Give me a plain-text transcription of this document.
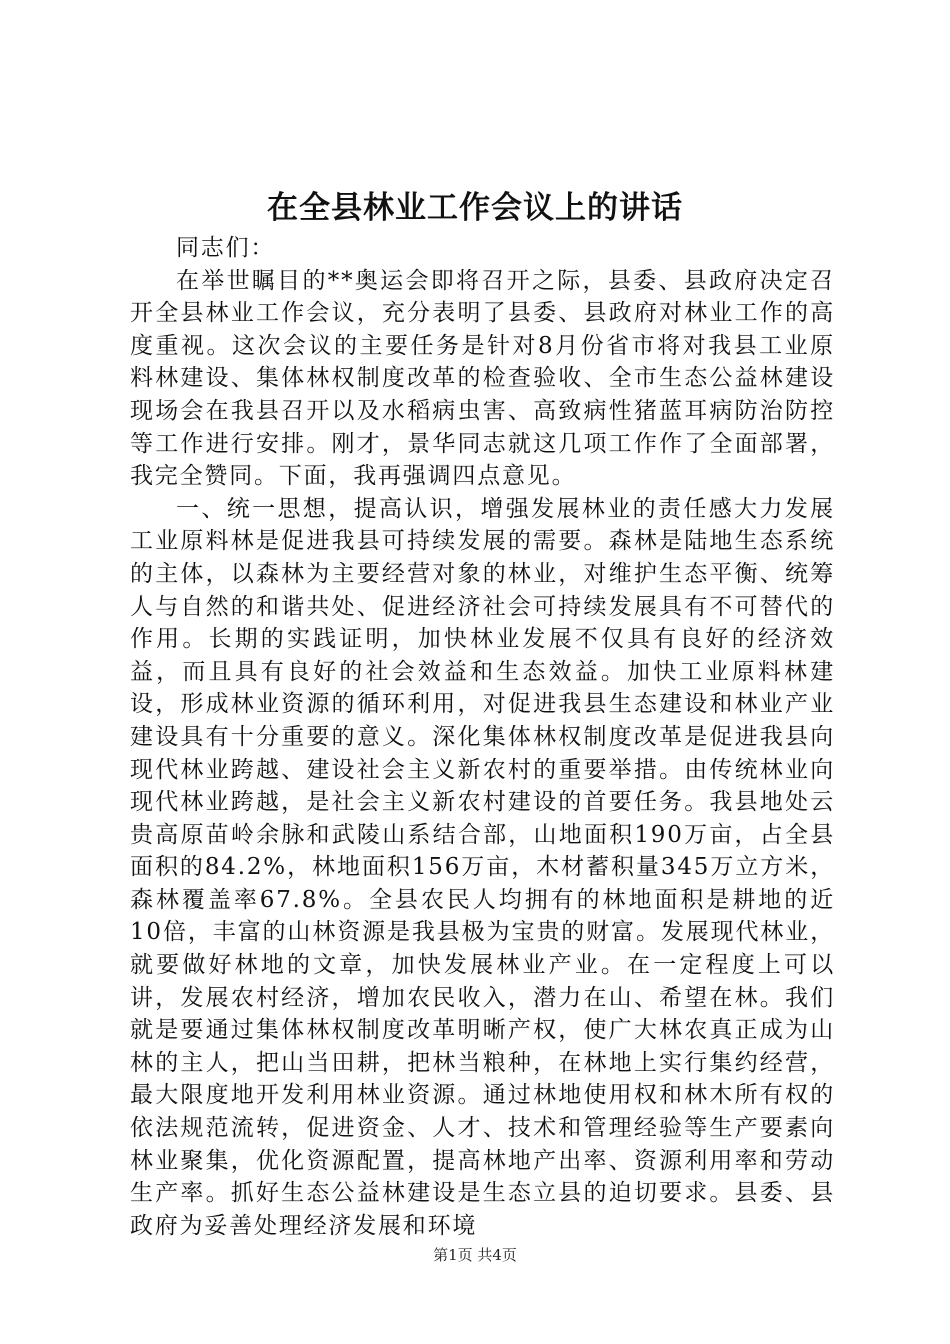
在全县林业工作会议上的讲话

同志们：

在举世瞩目的**奥运会即将召开之际，县委、县政府决定召开全县林业工作会议，充分表明了县委、县政府对林业工作的高度重视。这次会议的主要任务是针对8月份省市将对我县工业原料林建设、集体林权制度改革的检查验收、全市生态公益林建设现场会在我县召开以及水稻病虫害、高致病性猪蓝耳病防治防控等工作进行安排。刚才，景华同志就这几项工作作了全面部署，我完全赞同。下面，我再强调四点意见。

一、统一思想，提高认识，增强发展林业的责任感大力发展工业原料林是促进我县可持续发展的需要。森林是陆地生态系统的主体，以森林为主要经营对象的林业，对维护生态平衡、统筹人与自然的和谐共处、促进经济社会可持续发展具有不可替代的作用。长期的实践证明，加快林业发展不仅具有良好的经济效益，而且具有良好的社会效益和生态效益。加快工业原料林建设，形成林业资源的循环利用，对促进我县生态建设和林业产业建设具有十分重要的意义。深化集体林权制度改革是促进我县向现代林业跨越、建设社会主义新农村的重要举措。由传统林业向现代林业跨越，是社会主义新农村建设的首要任务。我县地处云贵高原苗岭余脉和武陵山系结合部，山地面积190万亩，占全县面积的84.2%，林地面积156万亩，木材蓄积量345万立方米，森林覆盖率67.8%。全县农民人均拥有的林地面积是耕地的近10倍，丰富的山林资源是我县极为宝贵的财富。发展现代林业，就要做好林地的文章，加快发展林业产业。在一定程度上可以讲，发展农村经济，增加农民收入，潜力在山、希望在林。我们就是要通过集体林权制度改革明晰产权，使广大林农真正成为山林的主人，把山当田耕，把林当粮种，在林地上实行集约经营，最大限度地开发利用林业资源。通过林地使用权和林木所有权的依法规范流转，促进资金、人才、技术和管理经验等生产要素向林业聚集，优化资源配置，提高林地产出率、资源利用率和劳动生产率。抓好生态公益林建设是生态立县的迫切要求。县委、县政府为妥善处理经济发展和环境

第1页 共4页
